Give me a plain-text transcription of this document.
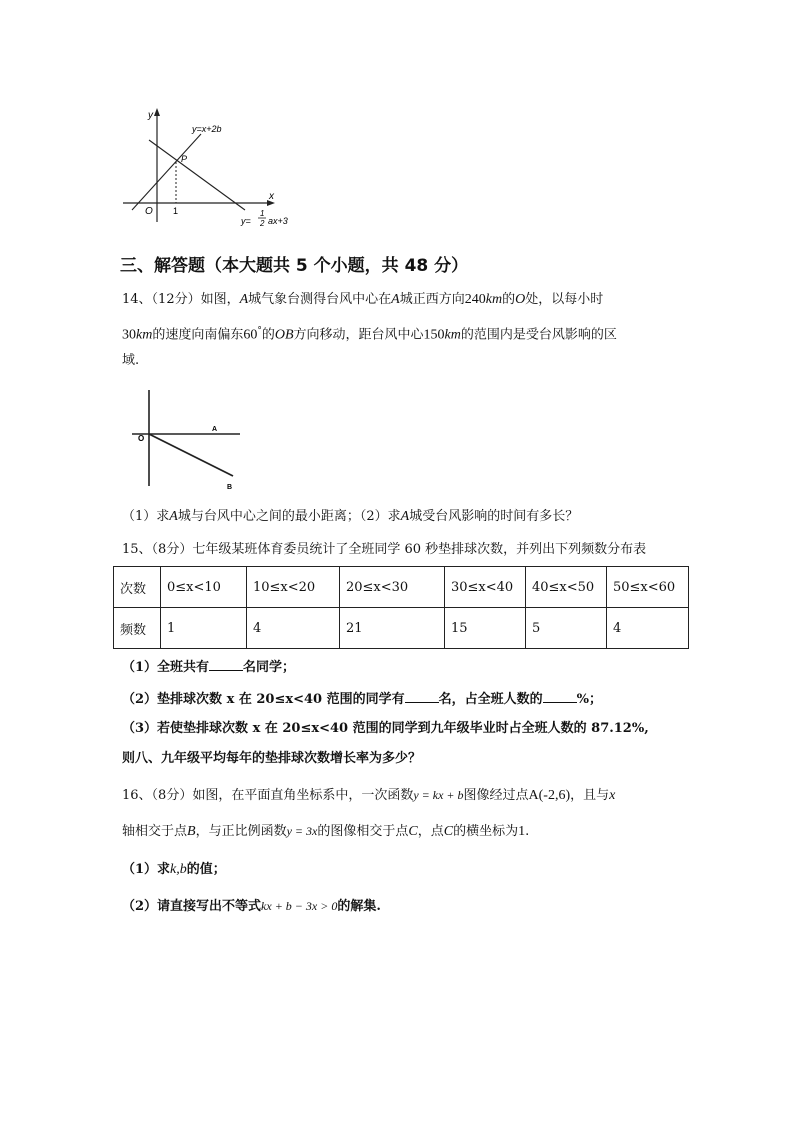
y
x
O 1
P
y=x+2b
y=
1
2 ax+3
三、解答题（本大题共 5 个小题，共 48 分）
14、（12分）如图，A城气象台测得台风中心在A城正西方向240km的O处，以每小时
30km的速度向南偏东60°的OB方向移动，距台风中心150km的范围内是受台风影响的区
域.
O
A
B
（1）求A城与台风中心之间的最小距离；（2）求A城受台风影响的时间有多长？
15、（8分）七年级某班体育委员统计了全班同学 60 秒垫排球次数，并列出下列频数分布表
次数	0≤x<10	10≤x<20	20≤x<30	30≤x<40	40≤x<50	50≤x<60
频数	1	4	21	15	5	4
（1）全班共有	名同学；
（2）垫排球次数 x 在 20≤x<40 范围的同学有	名，占全班人数的	%；
（3）若使垫排球次数 x 在 20≤x<40 范围的同学到九年级毕业时占全班人数的 87.12%,
则八、九年级平均每年的垫排球次数增长率为多少？
16、（8分）如图，在平面直角坐标系中，一次函数y = kx + b图像经过点A(-2,6)，且与x
轴相交于点B，与正比例函数y = 3x的图像相交于点C，点C的横坐标为1.
（1）求k,b的值；
（2）请直接写出不等式kx + b − 3x > 0的解集.
